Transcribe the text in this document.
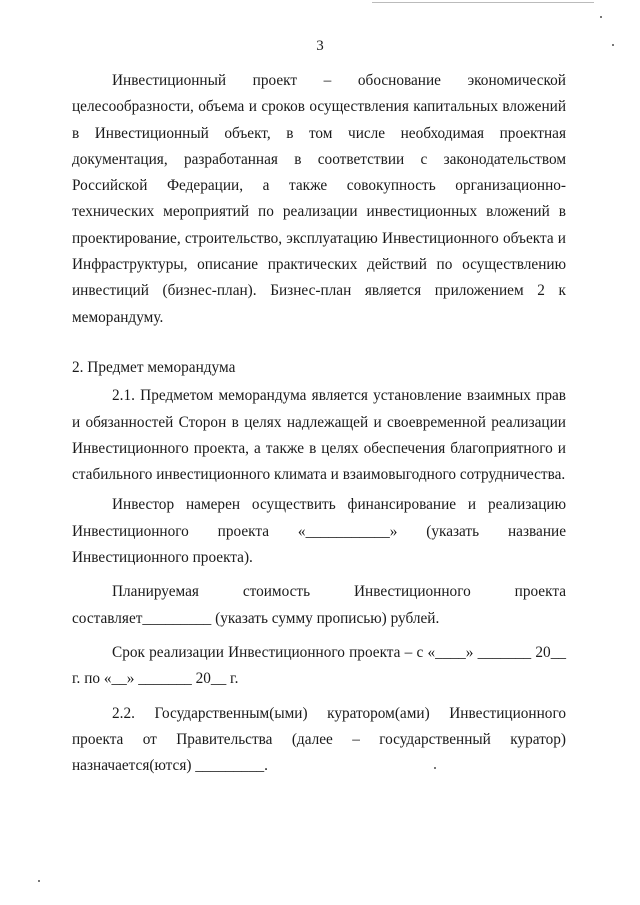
3

Инвестиционный проект – обоснование экономической целесообразности, объема и сроков осуществления капитальных вложений в Инвестиционный объект, в том числе необходимая проектная документация, разработанная в соответствии с законодательством Российской Федерации, а также совокупность организационно-технических мероприятий по реализации инвестиционных вложений в проектирование, строительство, эксплуатацию Инвестиционного объекта и Инфраструктуры, описание практических действий по осуществлению инвестиций (бизнес-план). Бизнес-план является приложением 2 к меморандуму.

2. Предмет меморандума

2.1. Предметом меморандума является установление взаимных прав и обязанностей Сторон в целях надлежащей и своевременной реализации Инвестиционного проекта, а также в целях обеспечения благоприятного и стабильного инвестиционного климата и взаимовыгодного сотрудничества.

Инвестор намерен осуществить финансирование и реализацию Инвестиционного проекта «___________» (указать название Инвестиционного проекта).

Планируемая стоимость Инвестиционного проекта составляет_________ (указать сумму прописью) рублей.

Срок реализации Инвестиционного проекта – с «____» _______ 20__ г. по «__» _______ 20__ г.

2.2. Государственным(ыми) куратором(ами) Инвестиционного проекта от Правительства (далее – государственный куратор) назначается(ются) _________.
